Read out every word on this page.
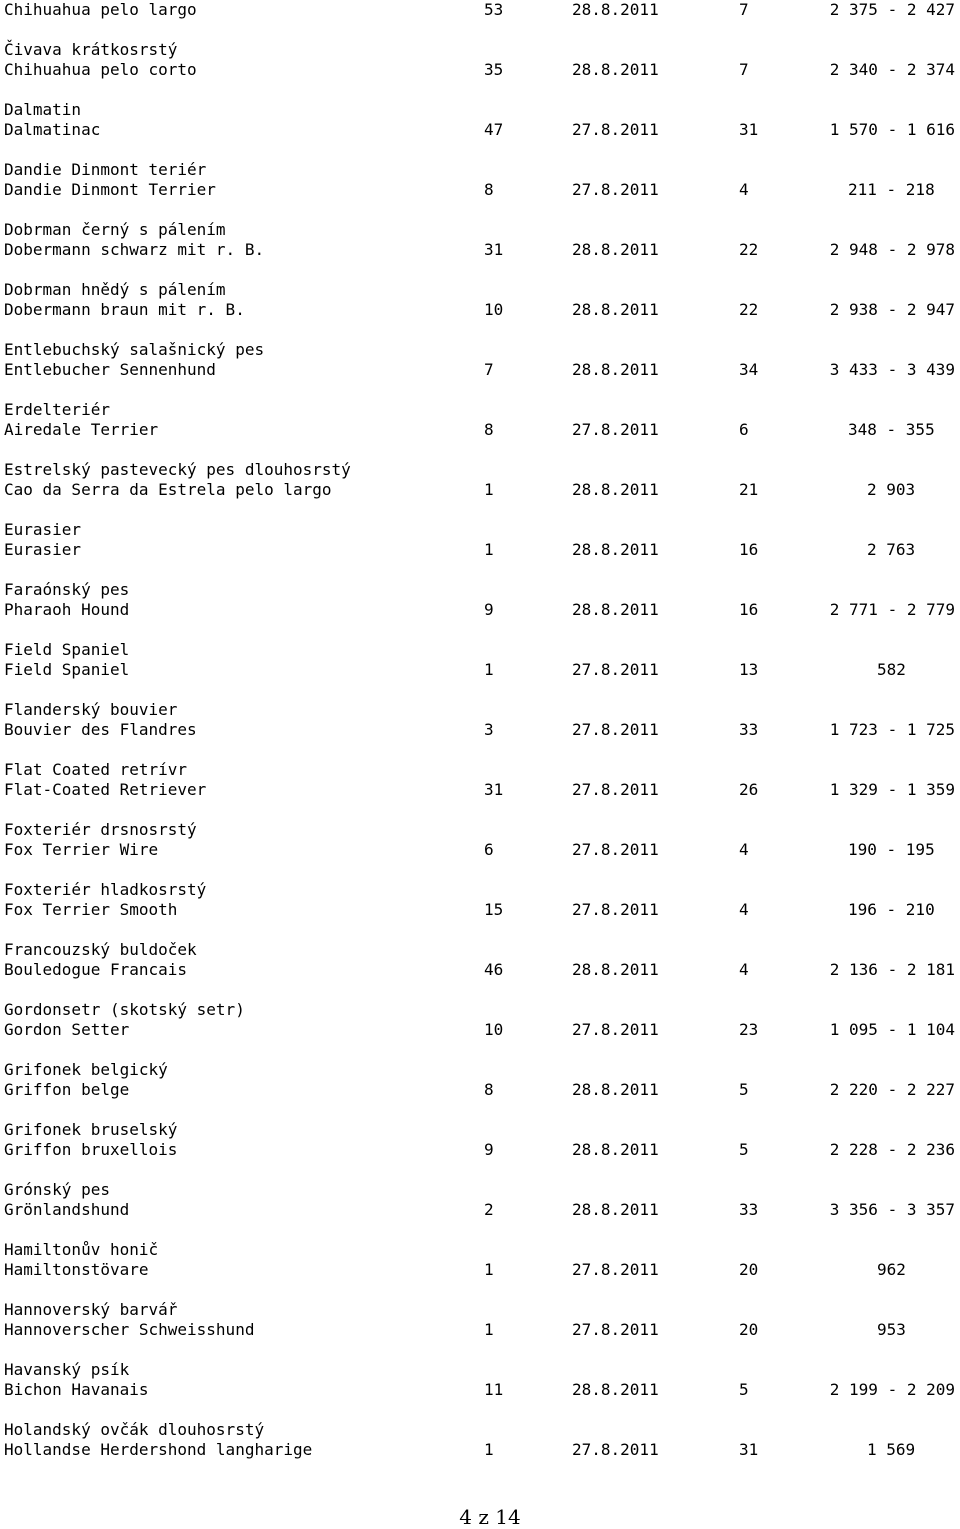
Chihuahua pelo largo	53	28.8.2011	7	2 375 - 2 427
Čivava krátkosrstý
Chihuahua pelo corto	35	28.8.2011	7	2 340 - 2 374
Dalmatin
Dalmatinac	47	27.8.2011	31	1 570 - 1 616
Dandie Dinmont teriér
Dandie Dinmont Terrier	8	27.8.2011	4	211 - 218
Dobrman černý s pálením
Dobermann schwarz mit r. B.	31	28.8.2011	22	2 948 - 2 978
Dobrman hnědý s pálením
Dobermann braun mit r. B.	10	28.8.2011	22	2 938 - 2 947
Entlebuchský salašnický pes
Entlebucher Sennenhund	7	28.8.2011	34	3 433 - 3 439
Erdelteriér
Airedale Terrier	8	27.8.2011	6	348 - 355
Estrelský pastevecký pes dlouhosrstý
Cao da Serra da Estrela pelo largo	1	28.8.2011	21	2 903
Eurasier
Eurasier	1	28.8.2011	16	2 763
Faraónský pes
Pharaoh Hound	9	28.8.2011	16	2 771 - 2 779
Field Spaniel
Field Spaniel	1	27.8.2011	13	582
Flanderský bouvier
Bouvier des Flandres	3	27.8.2011	33	1 723 - 1 725
Flat Coated retrívr
Flat-Coated Retriever	31	27.8.2011	26	1 329 - 1 359
Foxteriér drsnosrstý
Fox Terrier Wire	6	27.8.2011	4	190 - 195
Foxteriér hladkosrstý
Fox Terrier Smooth	15	27.8.2011	4	196 - 210
Francouzský buldoček
Bouledogue Francais	46	28.8.2011	4	2 136 - 2 181
Gordonsetr (skotský setr)
Gordon Setter	10	27.8.2011	23	1 095 - 1 104
Grifonek belgický
Griffon belge	8	28.8.2011	5	2 220 - 2 227
Grifonek bruselský
Griffon bruxellois	9	28.8.2011	5	2 228 - 2 236
Grónský pes
Grönlandshund	2	28.8.2011	33	3 356 - 3 357
Hamiltonův honič
Hamiltonstövare	1	27.8.2011	20	962
Hannoverský barvář
Hannoverscher Schweisshund	1	27.8.2011	20	953
Havanský psík
Bichon Havanais	11	28.8.2011	5	2 199 - 2 209
Holandský ovčák dlouhosrstý
Hollandse Herdershond langharige	1	27.8.2011	31	1 569
4 z 14
